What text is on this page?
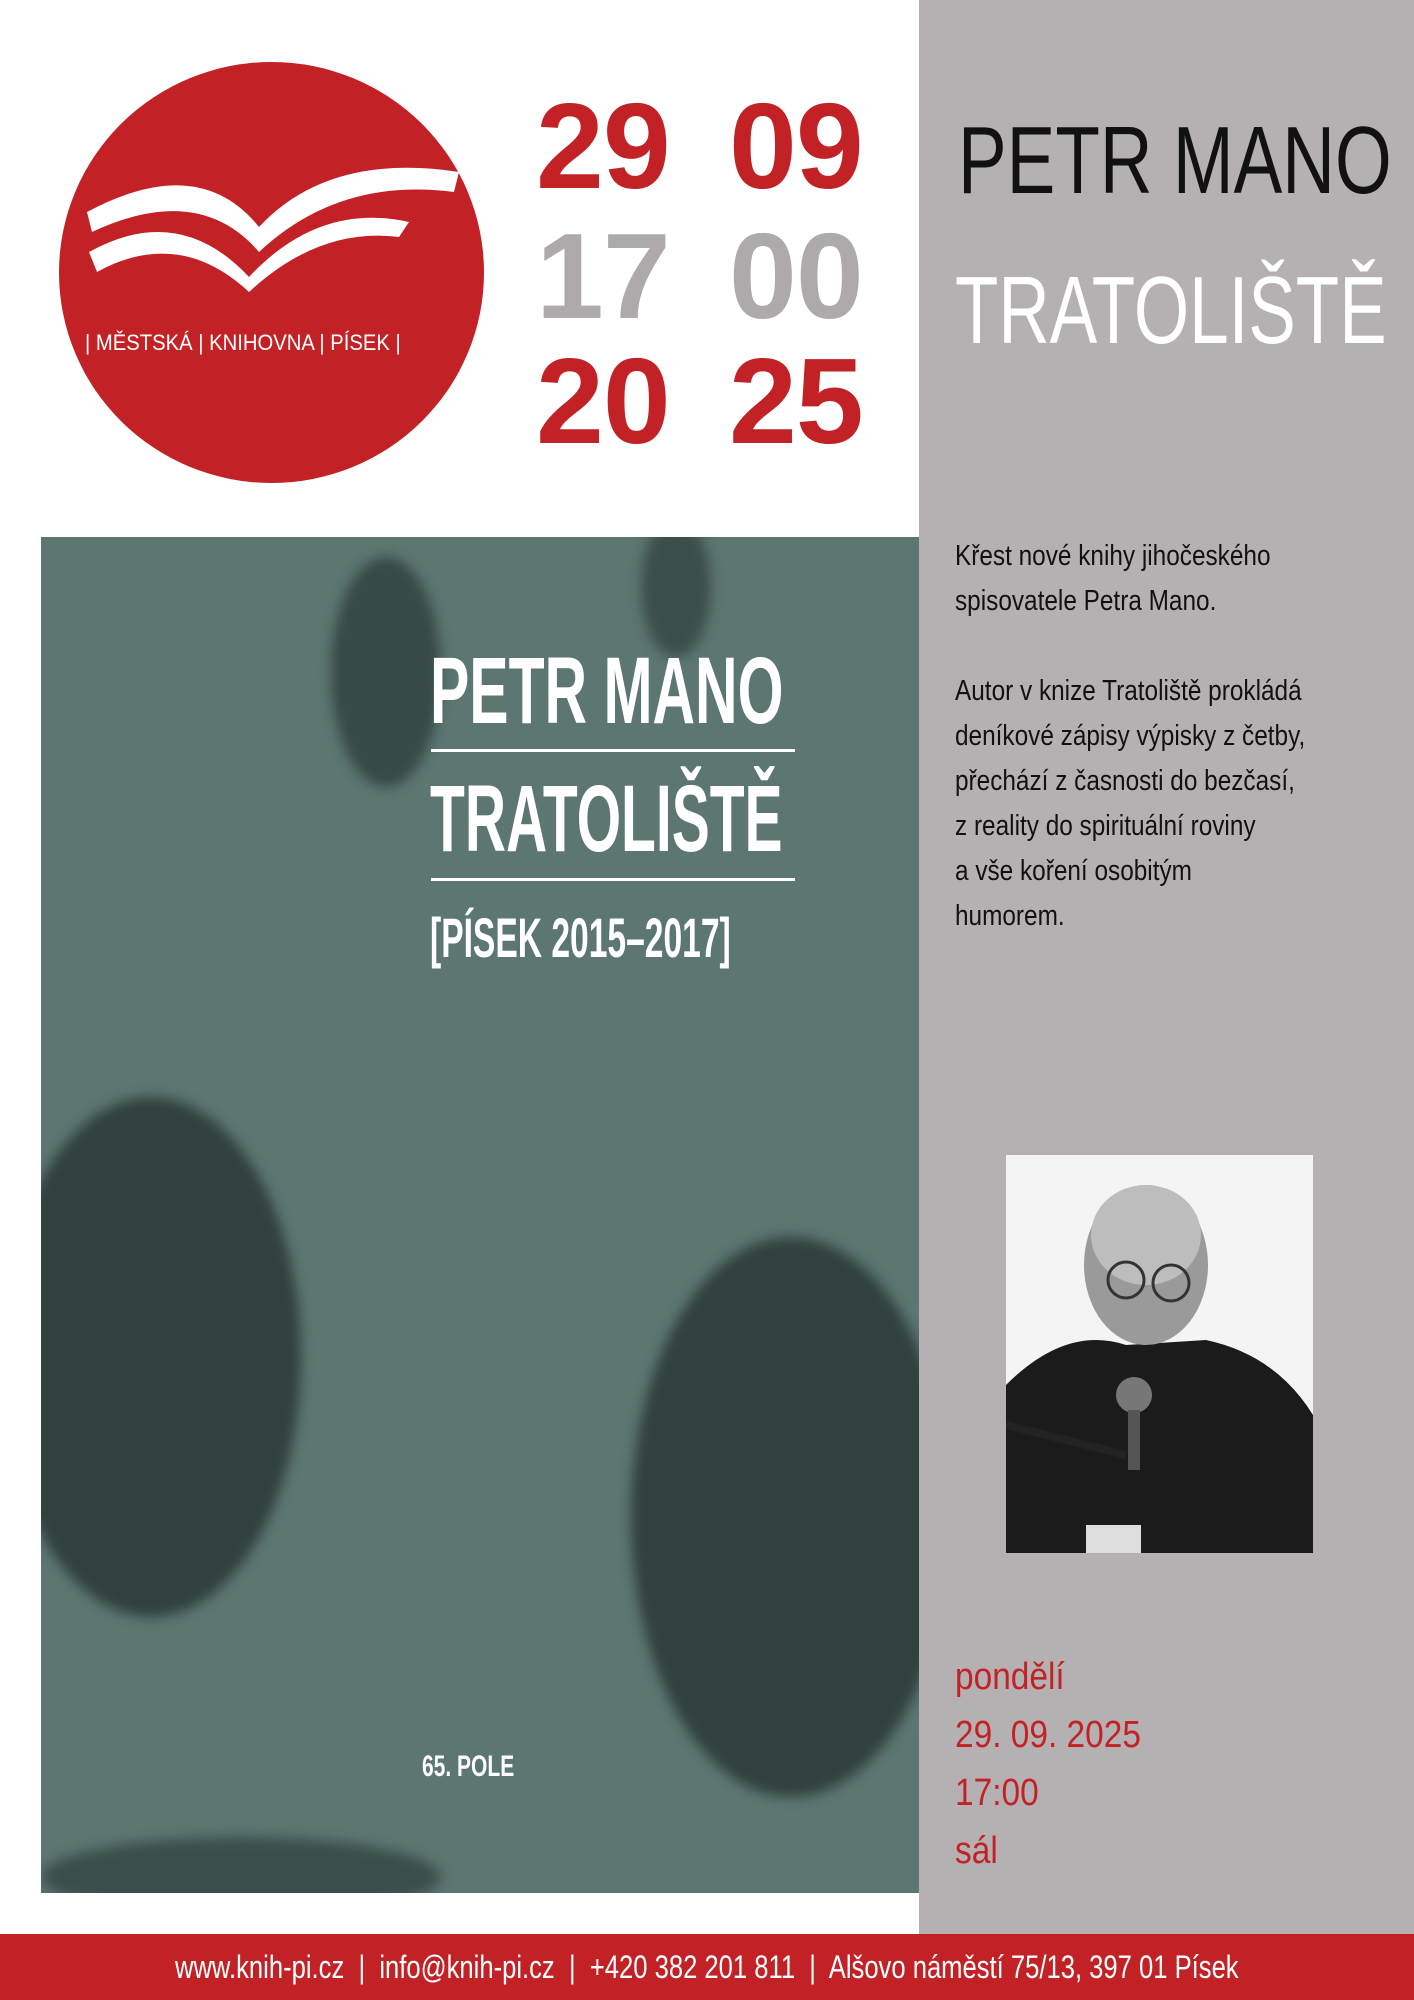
| MĚSTSKÁ | KNIHOVNA | PÍSEK |
29 09
17 00
20 25
PETR MANO
TRATOLIŠTĚ
Křest nové knihy jihočeského
spisovatele Petra Mano.
Autor v knize Tratoliště prokládá
deníkové zápisy výpisky z četby,
přechází z časnosti do bezčasí,
z reality do spirituální roviny
a vše koření osobitým
humorem.
pondělí
29. 09. 2025
17:00
sál
PETR MANO
TRATOLIŠTĚ
[PÍSEK 2015–2017]
65. POLE
www.knih-pi.cz  |  info@knih-pi.cz  |  +420 382 201 811  |  Alšovo náměstí 75/13, 397 01 Písek
